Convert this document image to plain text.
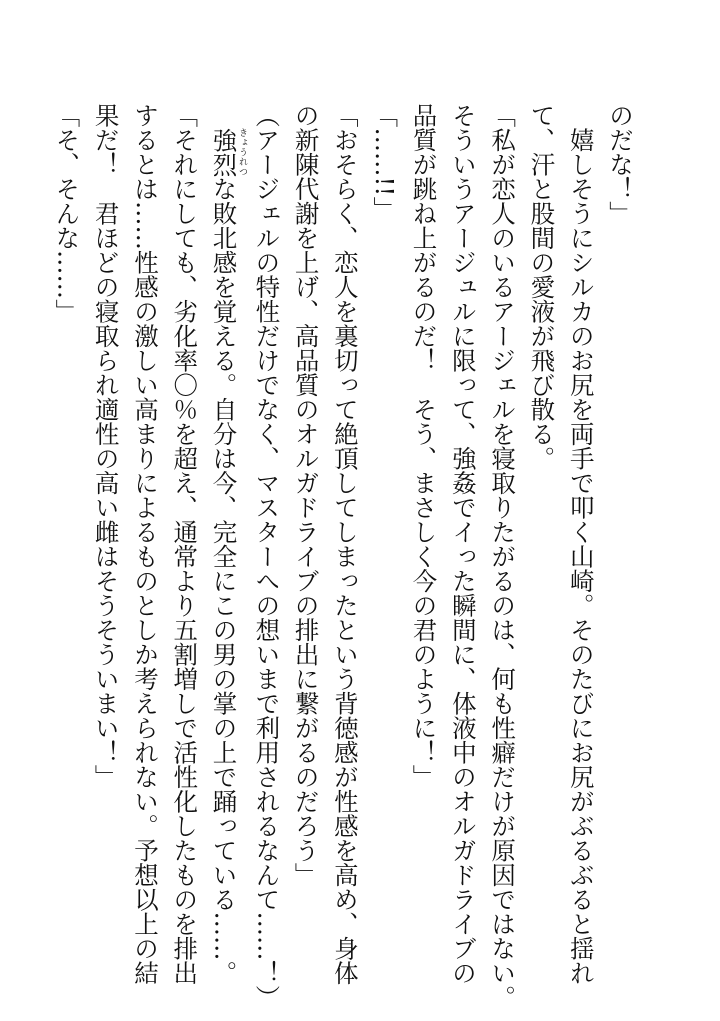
のだな！」
　嬉しそうにシルカのお尻を両手で叩く山崎。そのたびにお尻がぶるぶると揺れ
て、汗と股間の愛液が飛び散る。
「私が恋人のいるアージェルを寝取りたがるのは、何も性癖だけが原因ではない。
そういうアージュルに限って、強姦でイった瞬間に、体液中のオルガドライブの
品質が跳ね上がるのだ！　そう、まさしく今の君のように！」
「……!!」
「おそらく、恋人を裏切って絶頂してしまったという背徳感が性感を高め、身体
の新陳代謝を上げ、高品質のオルガドライブの排出に繋がるのだろう」
（アージェルの特性だけでなく、マスターへの想いまで利用されるなんて……！）
　強烈きょうれつな敗北感を覚える。自分は今、完全にこの男の掌の上で踊っている……。
「それにしても、劣化率〇％を超え、通常より五割増しで活性化したものを排出
するとは……性感の激しい高まりによるものとしか考えられない。予想以上の結
果だ！　君ほどの寝取られ適性の高い雌はそうそういまい！」
「そ、そんな……」
